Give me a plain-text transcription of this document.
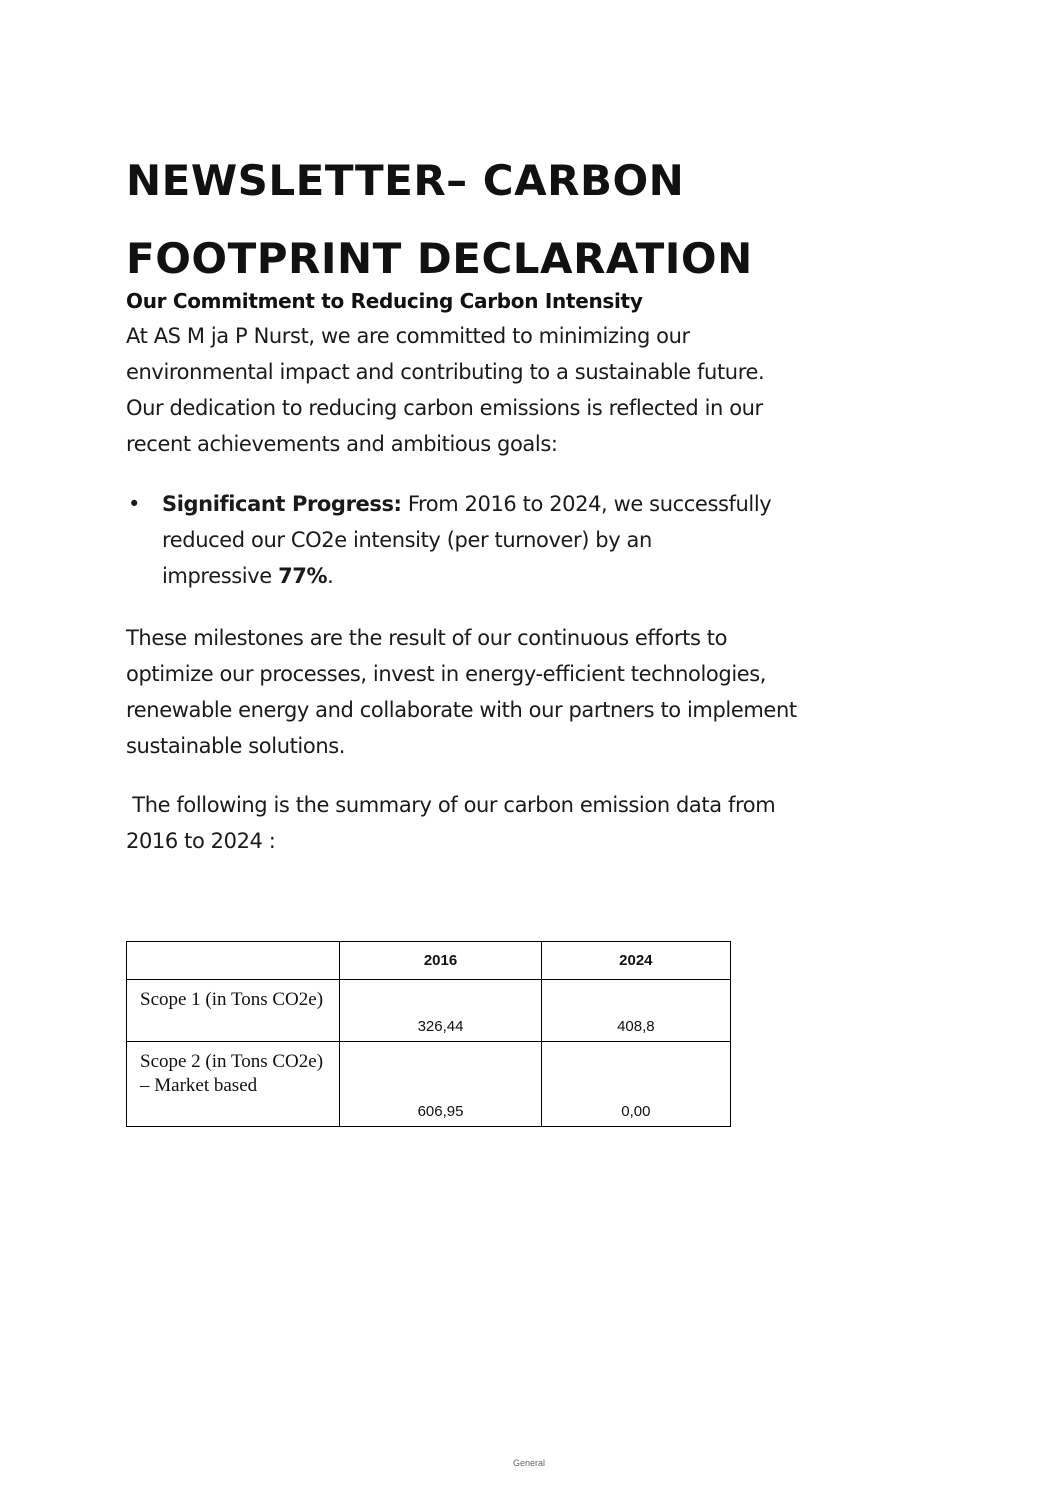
NEWSLETTER– CARBON
FOOTPRINT DECLARATION
Our Commitment to Reducing Carbon Intensity

At AS M ja P Nurst, we are committed to minimizing our
environmental impact and contributing to a sustainable future.
Our dedication to reducing carbon emissions is reflected in our
recent achievements and ambitious goals:

• Significant Progress: From 2016 to 2024, we successfully
reduced our CO2e intensity (per turnover) by an
impressive 77%.

These milestones are the result of our continuous efforts to
optimize our processes, invest in energy-efficient technologies,
renewable energy and collaborate with our partners to implement
sustainable solutions.

The following is the summary of our carbon emission data from
2016 to 2024 :

	2016	2024
Scope 1 (in Tons CO2e)	326,44	408,8
Scope 2 (in Tons CO2e) – Market based	606,95	0,00
General
